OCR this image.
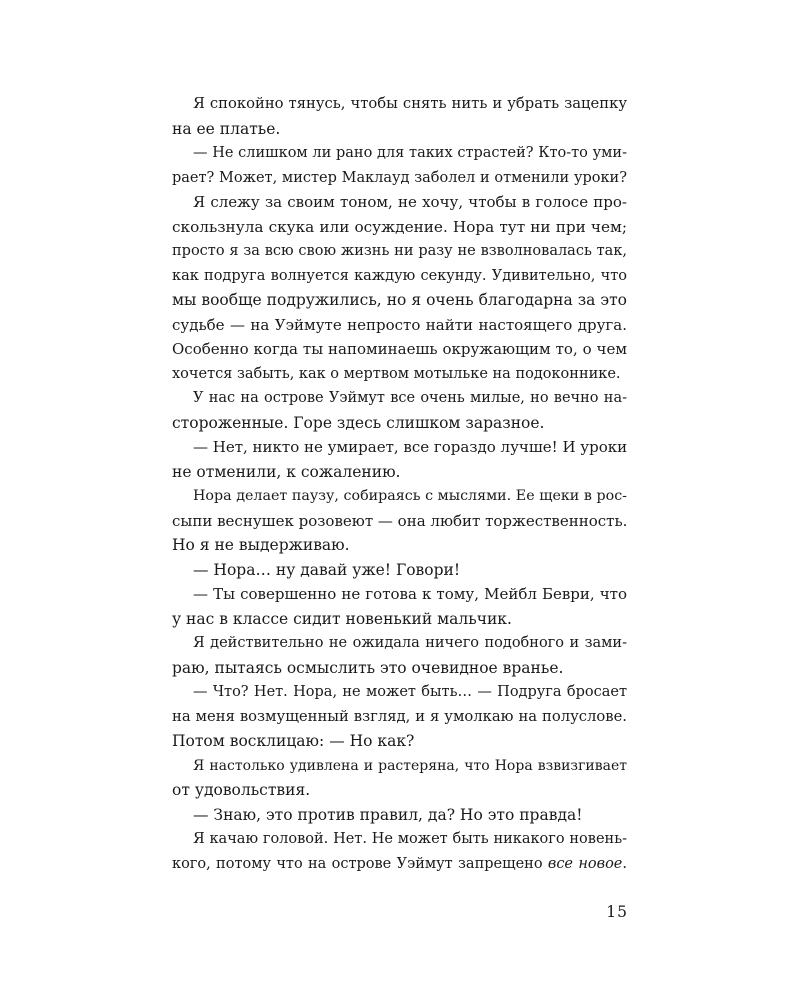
Я спокойно тянусь, чтобы снять нить и убрать зацепку
на ее платье.
— Не слишком ли рано для таких страстей? Кто-то уми-
рает? Может, мистер Маклауд заболел и отменили уроки?
Я слежу за своим тоном, не хочу, чтобы в голосе про-
скользнула скука или осуждение. Нора тут ни при чем;
просто я за всю свою жизнь ни разу не взволновалась так,
как подруга волнуется каждую секунду. Удивительно, что
мы вообще подружились, но я очень благодарна за это
судьбе — на Уэймуте непросто найти настоящего друга.
Особенно когда ты напоминаешь окружающим то, о чем
хочется забыть, как о мертвом мотыльке на подоконнике.
У нас на острове Уэймут все очень милые, но вечно на-
стороженные. Горе здесь слишком заразное.
— Нет, никто не умирает, все гораздо лучше! И уроки
не отменили, к сожалению.
Нора делает паузу, собираясь с мыслями. Ее щеки в рос-
сыпи веснушек розовеют — она любит торжественность.
Но я не выдерживаю.
— Нора… ну давай уже! Говори!
— Ты совершенно не готова к тому, Мейбл Беври, что
у нас в классе сидит новенький мальчик.
Я действительно не ожидала ничего подобного и зами-
раю, пытаясь осмыслить это очевидное вранье.
— Что? Нет. Нора, не может быть… — Подруга бросает
на меня возмущенный взгляд, и я умолкаю на полуслове.
Потом восклицаю: — Но как?
Я настолько удивлена и растеряна, что Нора взвизгивает
от удовольствия.
— Знаю, это против правил, да? Но это правда!
Я качаю головой. Нет. Не может быть никакого новень-
кого, потому что на острове Уэймут запрещено все новое.
15
